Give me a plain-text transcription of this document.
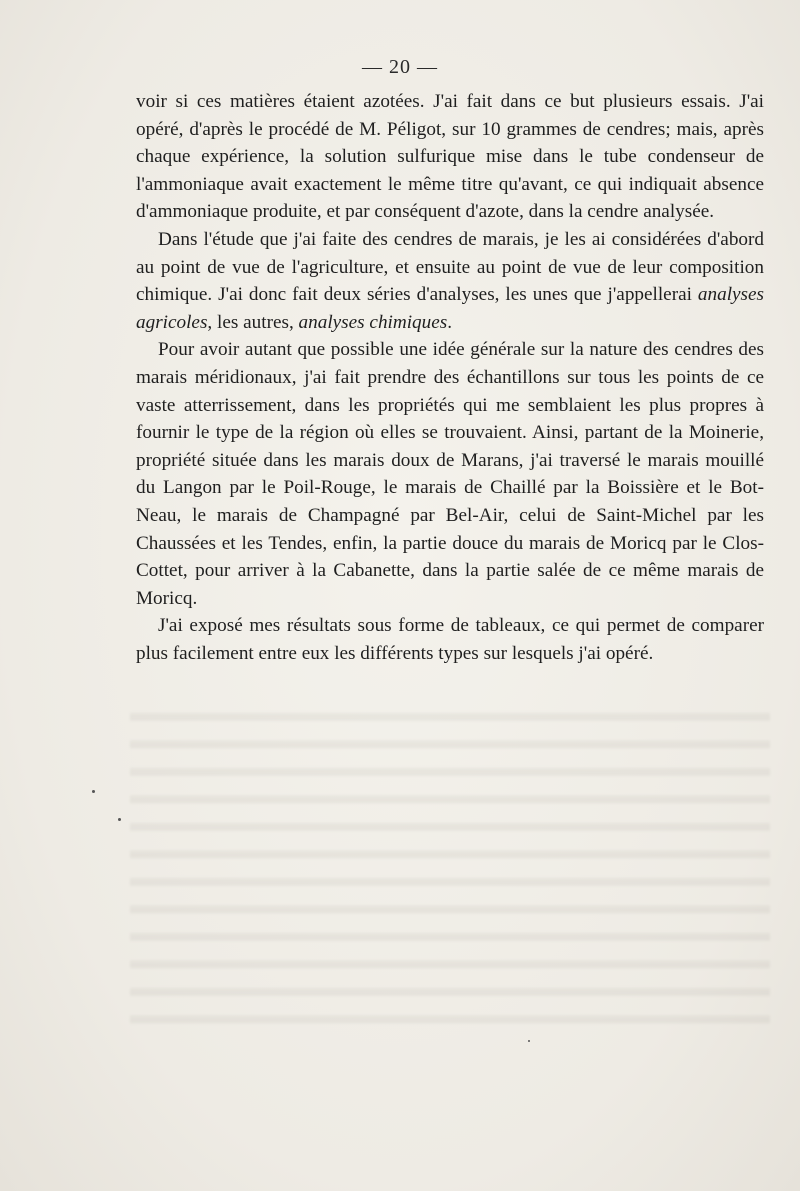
— 20 —

voir si ces matières étaient azotées. J'ai fait dans ce but plusieurs essais. J'ai opéré, d'après le procédé de M. Péligot, sur 10 grammes de cendres; mais, après chaque expérience, la solution sulfurique mise dans le tube condenseur de l'ammoniaque avait exactement le même titre qu'avant, ce qui indiquait absence d'ammoniaque produite, et par conséquent d'azote, dans la cendre analysée.

Dans l'étude que j'ai faite des cendres de marais, je les ai considérées d'abord au point de vue de l'agriculture, et ensuite au point de vue de leur composition chimique. J'ai donc fait deux séries d'analyses, les unes que j'appellerai analyses agricoles, les autres, analyses chimiques.

Pour avoir autant que possible une idée générale sur la nature des cendres des marais méridionaux, j'ai fait prendre des échantillons sur tous les points de ce vaste atterrissement, dans les propriétés qui me semblaient les plus propres à fournir le type de la région où elles se trouvaient. Ainsi, partant de la Moinerie, propriété située dans les marais doux de Marans, j'ai traversé le marais mouillé du Langon par le Poil-Rouge, le marais de Chaillé par la Boissière et le Bot-Neau, le marais de Champagné par Bel-Air, celui de Saint-Michel par les Chaussées et les Tendes, enfin, la partie douce du marais de Moricq par le Clos-Cottet, pour arriver à la Cabanette, dans la partie salée de ce même marais de Moricq.

J'ai exposé mes résultats sous forme de tableaux, ce qui permet de comparer plus facilement entre eux les différents types sur lesquels j'ai opéré.
